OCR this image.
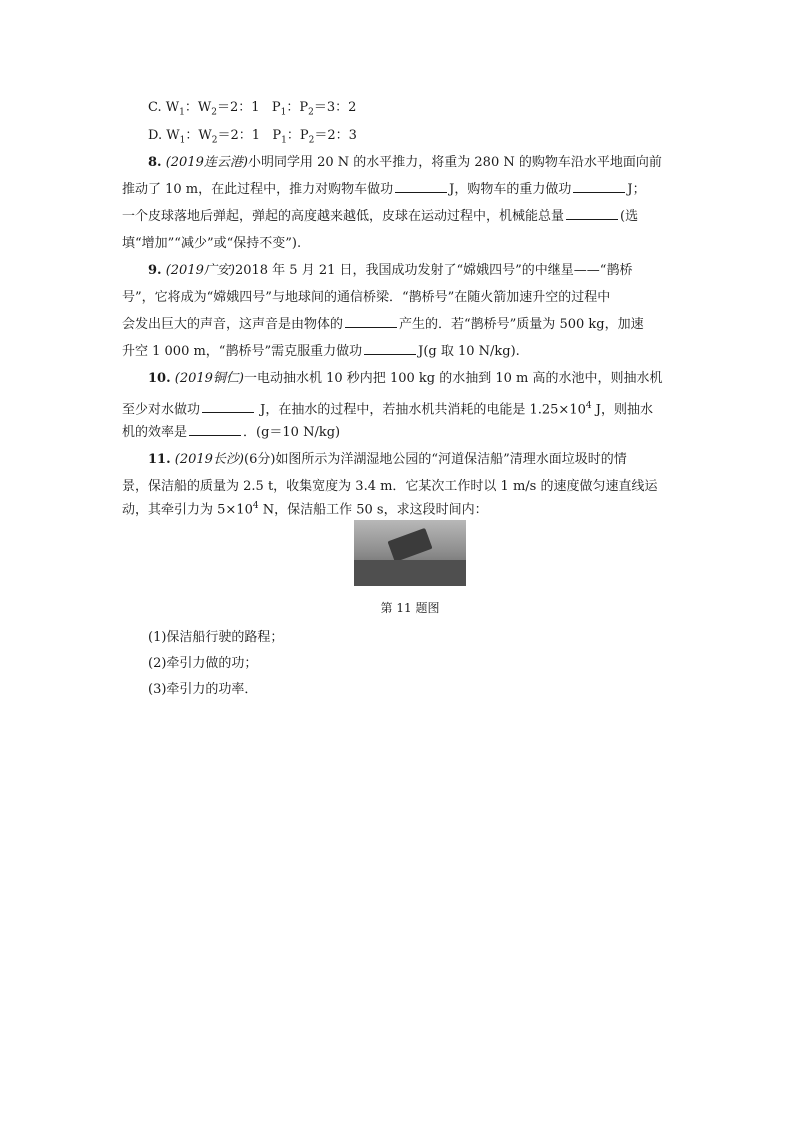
C. $W_1$：$W_2=2$：1 $P_1$：$P_2=3$：2
D. $W_1$：$W_2=2$：1 $P_1$：$P_2=2$：3
8. (2019连云港)小明同学用 20 N 的水平推力，将重为 280 N 的购物车沿水平地面向前
推动了 10 m，在此过程中，推力对购物车做功	J，购物车的重力做功	J；
一个皮球落地后弹起，弹起的高度越来越低，皮球在运动过程中，机械能总量	(选
填“增加”“减少”或“保持不变”).
9. (2019广安)2018 年 5 月 21 日，我国成功发射了“嫦娥四号”的中继星——“鹊桥
号”，它将成为“嫦娥四号”与地球间的通信桥梁．“鹊桥号”在随火箭加速升空的过程中
会发出巨大的声音，这声音是由物体的	产生的．若“鹊桥号”质量为 500 kg，加速
升空 1 000 m，“鹊桥号”需克服重力做功	J(g 取 10 N/kg).
10. (2019铜仁)一电动抽水机 10 秒内把 100 kg 的水抽到 10 m 高的水池中，则抽水机
至少对水做功	J，在抽水的过程中，若抽水机共消耗的电能是 $1.25\times 10^4$ J，则抽水
机的效率是	．(g＝10 N/kg)
11. (2019长沙)(6分)如图所示为洋湖湿地公园的“河道保洁船”清理水面垃圾时的情
景，保洁船的质量为 2.5 t，收集宽度为 3.4 m．它某次工作时以 1 m/s 的速度做匀速直线运
第 11 题图
(1)保洁船行驶的路程；
(2)牵引力做的功；
(3)牵引力的功率．
动，其牵引力为 $5\times 10^4$ N，保洁船工作 50 s，求这段时间内：
